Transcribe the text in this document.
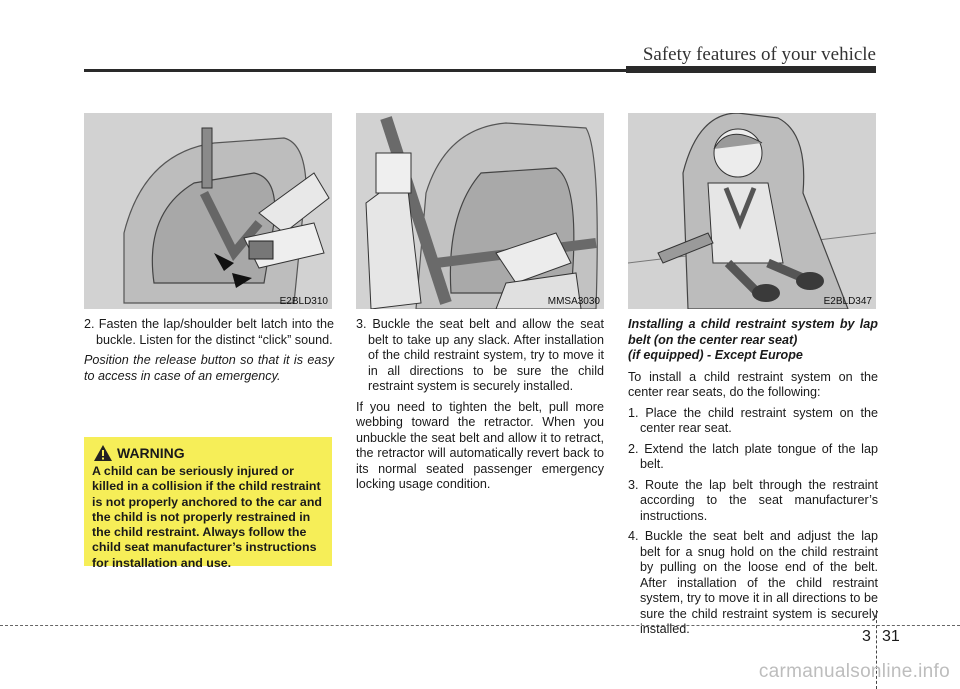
Safety features of your vehicle
E2BLD310	MMSA3030	E2BLD347

2. Fasten the lap/shoulder belt latch into the buckle. Listen for the distinct “click” sound.

Position the release button so that it is easy to access in case of an emergency.

WARNING
A child can be seriously injured or killed in a collision if the child restraint is not properly anchored to the car and the child is not properly restrained in the child restraint. Always follow the child seat manufacturer’s instructions for installation and use.

3. Buckle the seat belt and allow the seat belt to take up any slack. After installation of the child restraint system, try to move it in all directions to be sure the child restraint system is securely installed.

If you need to tighten the belt, pull more webbing toward the retractor. When you unbuckle the seat belt and allow it to retract, the retractor will automatically revert back to its normal seated passenger emergency locking usage condition.

Installing a child restraint system by lap belt (on the center rear seat)

(if equipped) - Except Europe

To install a child restraint system on the center rear seats, do the following:

1. Place the child restraint system on the center rear seat.

2. Extend the latch plate tongue of the lap belt.

3. Route the lap belt through the restraint according to the seat manufacturer’s instructions.

4. Buckle the seat belt and adjust the lap belt for a snug hold on the child restraint by pulling on the loose end of the belt. After installation of the child restraint system, try to move it in all directions to be sure the child restraint system is securely installed.	3 31
carmanualsonline.info
